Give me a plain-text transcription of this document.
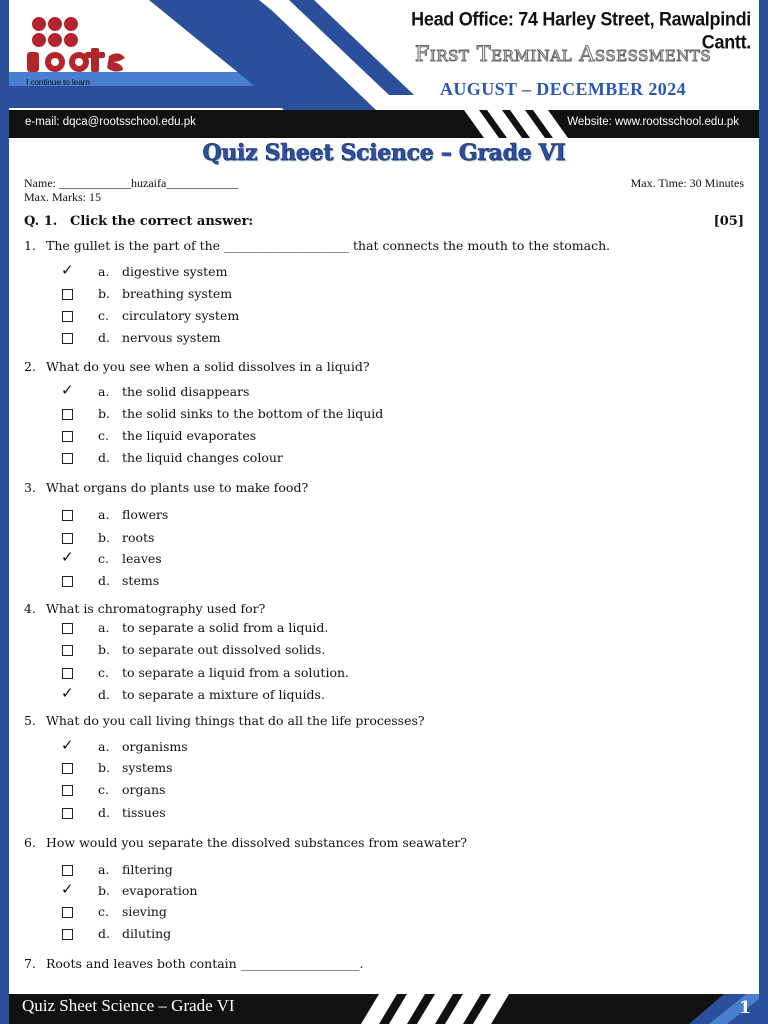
I continue to learn
Head Office: 74 Harley Street, Rawalpindi Cantt.
First Terminal Assessments
AUGUST – DECEMBER 2024
e-mail: dqca@rootsschool.edu.pk	Website: www.rootsschool.edu.pk
Quiz Sheet Science – Grade VI
Name: ____________huzaifa____________
Max. Marks: 15
Max. Time: 30 Minutes
Q. 1. Click the correct answer:	[05]
1. The gullet is the part of the ____________________ that connects the mouth to the stomach.
✓ a. digestive system
b. breathing system
c. circulatory system
d. nervous system
2. What do you see when a solid dissolves in a liquid?
✓ a. the solid disappears
b. the solid sinks to the bottom of the liquid
c. the liquid evaporates
d. the liquid changes colour
3. What organs do plants use to make food?
a. flowers
b. roots
✓ c. leaves
d. stems
4. What is chromatography used for?
a. to separate a solid from a liquid.
b. to separate out dissolved solids.
c. to separate a liquid from a solution.
✓ d. to separate a mixture of liquids.
5. What do you call living things that do all the life processes?
✓ a. organisms
b. systems
c. organs
d. tissues
6. How would you separate the dissolved substances from seawater?
a. filtering
✓ b. evaporation
c. sieving
d. diluting
7. Roots and leaves both contain ___________________.
Quiz Sheet Science – Grade VI	1
